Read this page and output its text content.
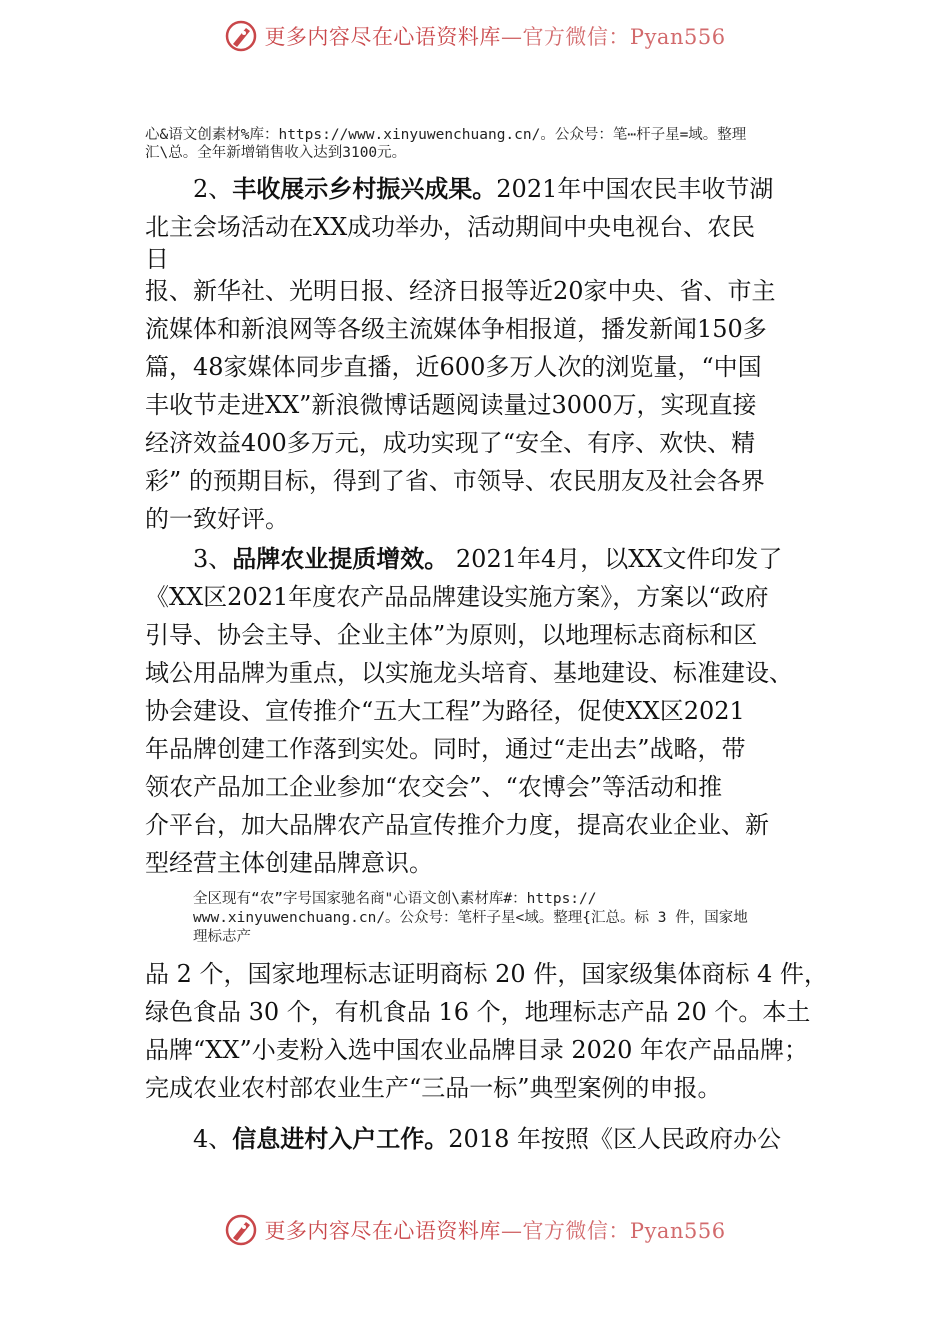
更多内容尽在心语资料库—官方微信：Pyan556
心&语文创素材%库：https://www.xinyuwenchuang.cn/。公众号：笔⋯杆子星=域。整理
汇\总。全年新增销售收入达到3100元。
2、丰收展示乡村振兴成果。2021年中国农民丰收节湖
北主会场活动在XX成功举办，活动期间中央电视台、农民
日
报、新华社、光明日报、经济日报等近20家中央、省、市主
流媒体和新浪网等各级主流媒体争相报道，播发新闻150多
篇，48家媒体同步直播，近600多万人次的浏览量，“中国
丰收节走进XX”新浪微博话题阅读量过3000万，实现直接
经济效益400多万元，成功实现了“安全、有序、欢快、精
彩” 的预期目标，得到了省、市领导、农民朋友及社会各界
的一致好评。
3、品牌农业提质增效。 2021年4月，以XX文件印发了
《XX区2021年度农产品品牌建设实施方案》，方案以“政府
引导、协会主导、企业主体”为原则，以地理标志商标和区
域公用品牌为重点，以实施龙头培育、基地建设、标准建设、
协会建设、宣传推介“五大工程”为路径，促使XX区2021
年品牌创建工作落到实处。同时，通过“走出去”战略，带
领农产品加工企业参加“农交会”、“农博会”等活动和推
介平台，加大品牌农产品宣传推介力度，提高农业企业、新
型经营主体创建品牌意识。
全区现有“农”字号国家驰名商"心语文创\素材库#：https://
www.xinyuwenchuang.cn/。公众号：笔杆子星<域。整理{汇总。标 3 件，国家地
理标志产
品 2 个，国家地理标志证明商标 20 件，国家级集体商标 4 件，
绿色食品 30 个，有机食品 16 个，地理标志产品 20 个。本土
品牌“XX”小麦粉入选中国农业品牌目录 2020 年农产品品牌；
完成农业农村部农业生产“三品一标”典型案例的申报。
4、信息进村入户工作。2018 年按照《区人民政府办公
更多内容尽在心语资料库—官方微信：Pyan556
